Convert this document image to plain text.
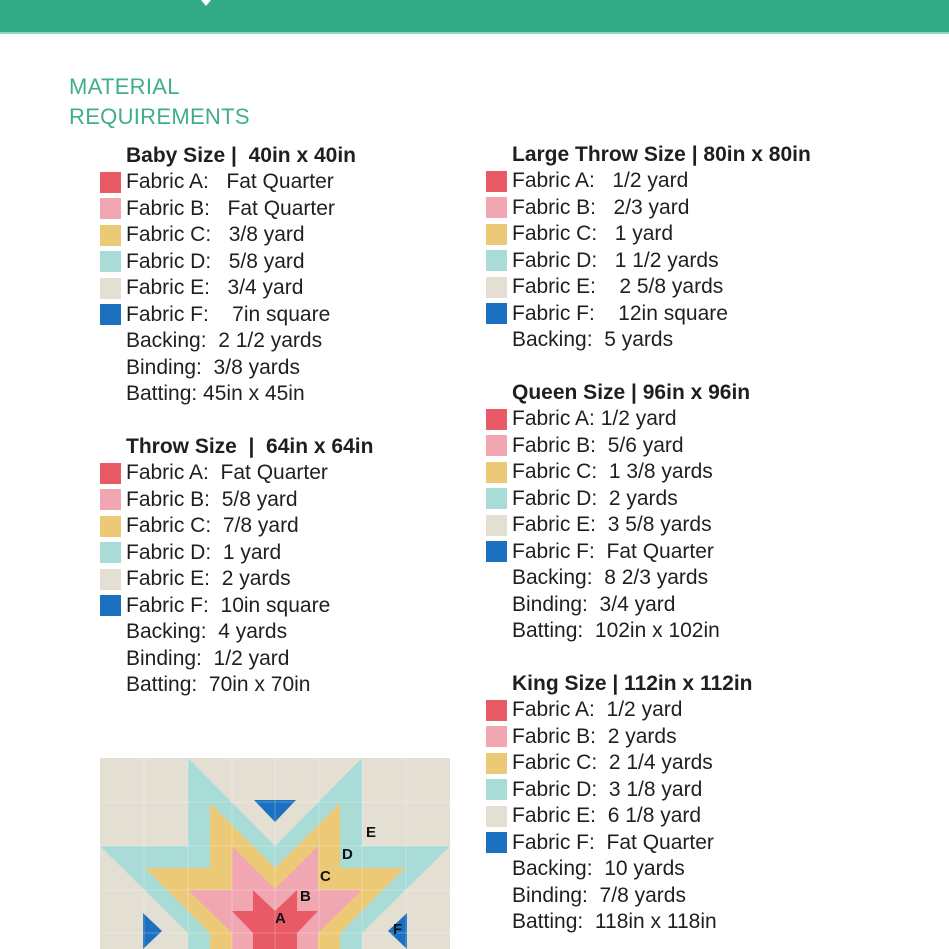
MATERIAL
REQUIREMENTS
Baby Size |  40in x 40in
Fabric A: Fat Quarter
Fabric B: Fat Quarter
Fabric C: 3/8 yard
Fabric D: 5/8 yard
Fabric E: 3/4 yard
Fabric F: 7in square
Backing: 2 1/2 yards
Binding: 3/8 yards
Batting: 45in x 45in
Throw Size  |  64in x 64in
Fabric A: Fat Quarter
Fabric B: 5/8 yard
Fabric C: 7/8 yard
Fabric D: 1 yard
Fabric E: 2 yards
Fabric F: 10in square
Backing: 4 yards
Binding: 1/2 yard
Batting: 70in x 70in
Large Throw Size | 80in x 80in
Fabric A: 1/2 yard
Fabric B: 2/3 yard
Fabric C: 1 yard
Fabric D: 1 1/2 yards
Fabric E: 2 5/8 yards
Fabric F: 12in square
Backing: 5 yards
Queen Size | 96in x 96in
Fabric A: 1/2 yard
Fabric B: 5/6 yard
Fabric C: 1 3/8 yards
Fabric D: 2 yards
Fabric E: 3 5/8 yards
Fabric F: Fat Quarter
Backing: 8 2/3 yards
Binding: 3/4 yard
Batting: 102in x 102in
King Size | 112in x 112in
Fabric A: 1/2 yard
Fabric B: 2 yards
Fabric C: 2 1/4 yards
Fabric D: 3 1/8 yard
Fabric E: 6 1/8 yard
Fabric F: Fat Quarter
Backing: 10 yards
Binding: 7/8 yards
Batting: 118in x 118in
A
B
C
D
E
F
